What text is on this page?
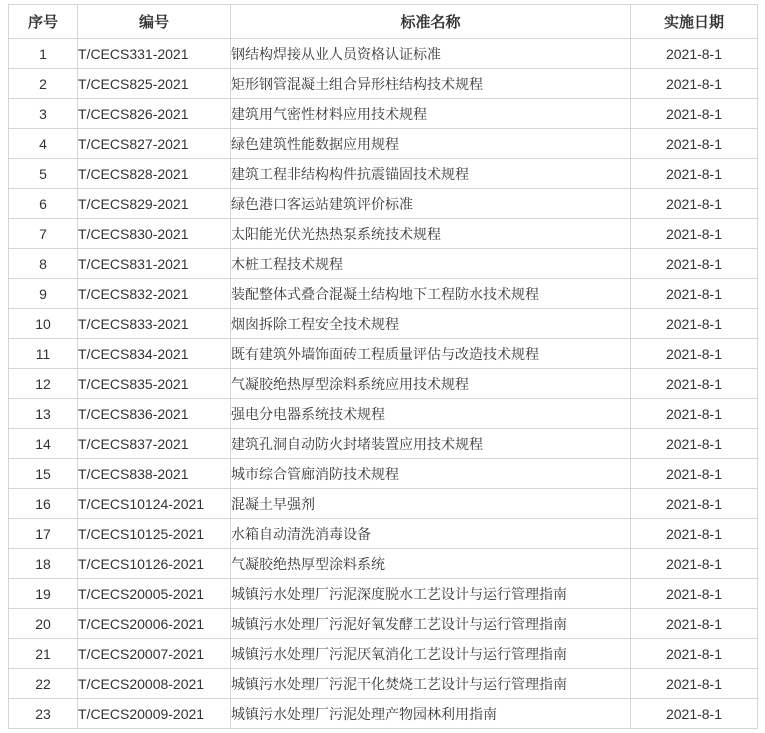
序号	编号	标准名称	实施日期
1	T/CECS331-2021	钢结构焊接从业人员资格认证标准	2021-8-1
2	T/CECS825-2021	矩形钢管混凝土组合异形柱结构技术规程	2021-8-1
3	T/CECS826-2021	建筑用气密性材料应用技术规程	2021-8-1
4	T/CECS827-2021	绿色建筑性能数据应用规程	2021-8-1
5	T/CECS828-2021	建筑工程非结构构件抗震锚固技术规程	2021-8-1
6	T/CECS829-2021	绿色港口客运站建筑评价标准	2021-8-1
7	T/CECS830-2021	太阳能光伏光热热泵系统技术规程	2021-8-1
8	T/CECS831-2021	木桩工程技术规程	2021-8-1
9	T/CECS832-2021	装配整体式叠合混凝土结构地下工程防水技术规程	2021-8-1
10	T/CECS833-2021	烟囱拆除工程安全技术规程	2021-8-1
11	T/CECS834-2021	既有建筑外墙饰面砖工程质量评估与改造技术规程	2021-8-1
12	T/CECS835-2021	气凝胶绝热厚型涂料系统应用技术规程	2021-8-1
13	T/CECS836-2021	强电分电器系统技术规程	2021-8-1
14	T/CECS837-2021	建筑孔洞自动防火封堵装置应用技术规程	2021-8-1
15	T/CECS838-2021	城市综合管廊消防技术规程	2021-8-1
16	T/CECS10124-2021	混凝土早强剂	2021-8-1
17	T/CECS10125-2021	水箱自动清洗消毒设备	2021-8-1
18	T/CECS10126-2021	气凝胶绝热厚型涂料系统	2021-8-1
19	T/CECS20005-2021	城镇污水处理厂污泥深度脱水工艺设计与运行管理指南	2021-8-1
20	T/CECS20006-2021	城镇污水处理厂污泥好氧发酵工艺设计与运行管理指南	2021-8-1
21	T/CECS20007-2021	城镇污水处理厂污泥厌氧消化工艺设计与运行管理指南	2021-8-1
22	T/CECS20008-2021	城镇污水处理厂污泥干化焚烧工艺设计与运行管理指南	2021-8-1
23	T/CECS20009-2021	城镇污水处理厂污泥处理产物园林利用指南	2021-8-1
